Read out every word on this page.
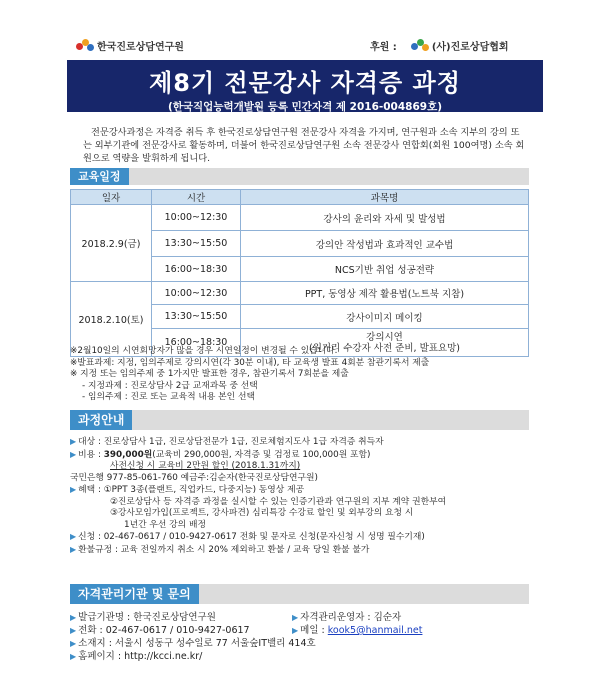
한국진로상담연구원	후원 :	(사)진로상담협회
제8기 전문강사 자격증 과정
(한국직업능력개발원 등록 민간자격 제 2016-004869호)
전문강사과정은 자격증 취득 후 한국진로상담연구원 전문강사 자격을 가지며, 연구원과 소속 지부의 강의 또는 외부기관에 전문강사로 활동하며, 더불어 한국진로상담연구원 소속 전문강사 연합회(회원 100여명) 소속 회원으로 역량을 발휘하게 됩니다.
교육일정
일자	시간	과목명
2018.2.9(금)	10:00~12:30	강사의 윤리와 자세 및 발성법
	13:30~15:50	강의안 작성법과 효과적인 교수법
	16:00~18:30	NCS기반 취업 성공전략
2018.2.10(토)	10:00~12:30	PPT, 동영상 제작 활용법(노트북 지참)
	13:30~15:50	강사이미지 메이킹
	16:00~18:30	강의시연
(원거리 수강자 사전 준비, 발표요망)
※2월10일의 시연회망자가 많을 경우 시연일정이 변경될 수 있습니다.
※발표과제: 지정, 임의주제로 강의시연(각 30분 이내), 타 교육생 발표 4회분 참관기록서 제출
※ 지정 또는 임의주제 중 1가지만 발표한 경우, 참관기록서 7회분을 제출
- 지정과제 : 진로상담사 2급 교재과목 중 선택
- 임의주제 : 진로 또는 교육적 내용 본인 선택
과정안내
▶ 대상 : 진로상담사 1급, 진로상담전문가 1급, 진로체험지도사 1급 자격증 취득자
▶ 비용 : 390,000원(교육비 290,000원, 자격증 및 검정료 100,000원 포함)
사전신청 시 교육비 2만원 할인 (2018.1.31까지)
국민은행 977-85-061-760 예금주:김순자(한국진로상담연구원)
▶ 혜택 : ①PPT 3종(플랜트, 직업카드, 다중지능) 동영상 제공
②진로상담사 등 자격증 과정을 실시할 수 있는 인증기관과 연구원의 지부 계약 권한부여
③강사모임가입(프로젝트, 강사파견) 심리특강 수강료 할인 및 외부강의 요청 시
1년간 우선 강의 배정
▶ 신청 : 02-467-0617 / 010-9427-0617 전화 및 문자로 신청(문자신청 시 성명 필수기재)
▶ 환불규정 : 교육 전일까지 취소 시 20% 제외하고 환불 / 교육 당일 환불 불가
자격관리기관 및 문의
▶ 발급기관명 : 한국진로상담연구원	▶ 자격관리운영자 : 김순자
▶ 전화 : 02-467-0617 / 010-9427-0617	▶ 메일 : kook5@hanmail.net
▶ 소재지 : 서울시 성동구 성수일로 77 서울숲IT밸리 414호
▶ 홈페이지 : http://kcci.ne.kr/
